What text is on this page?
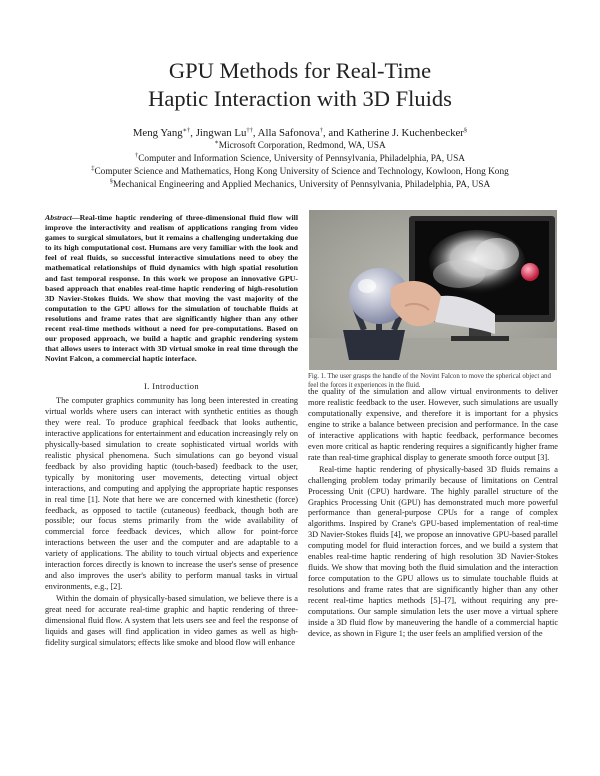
GPU Methods for Real-Time
Haptic Interaction with 3D Fluids
Meng Yang∗†, Jingwan Lu††, Alla Safonova†, and Katherine J. Kuchenbecker§
∗Microsoft Corporation, Redmond, WA, USA
†Computer and Information Science, University of Pennsylvania, Philadelphia, PA, USA
‡Computer Science and Mathematics, Hong Kong University of Science and Technology, Kowloon, Hong Kong
§Mechanical Engineering and Applied Mechanics, University of Pennsylvania, Philadelphia, PA, USA
Abstract—Real-time haptic rendering of three-dimensional fluid flow will improve the interactivity and realism of applications ranging from video games to surgical simulators, but it remains a challenging undertaking due to its high computational cost. Humans are very familiar with the look and feel of real fluids, so successful interactive simulations need to obey the mathematical relationships of fluid dynamics with high spatial resolution and fast temporal response. In this work we propose an innovative GPU-based approach that enables real-time haptic rendering of high-resolution 3D Navier-Stokes fluids. We show that moving the vast majority of the computation to the GPU allows for the simulation of touchable fluids at resolutions and frame rates that are significantly higher than any other recent real-time methods without a need for pre-computations. Based on our proposed approach, we build a haptic and graphic rendering system that allows users to interact with 3D virtual smoke in real time through the Novint Falcon, a commercial haptic interface.
I. Introduction

The computer graphics community has long been interested in creating virtual worlds where users can interact with synthetic entities as though they were real. To produce graphical feedback that looks authentic, interactive applications for entertainment and education increasingly rely on physically-based simulation to create sophisticated virtual worlds with realistic physical phenomena. Such simulations can go beyond visual feedback by also providing haptic (touch-based) feedback to the user, typically by monitoring user movements, detecting virtual object interactions, and computing and applying the appropriate haptic responses in real time [1]. Note that here we are concerned with kinesthetic (force) feedback, as opposed to tactile (cutaneous) feedback, though both are possible; our focus stems primarily from the wide availability of commercial force feedback devices, which allow for point-force interactions between the user and the computer and are adaptable to a variety of applications. The ability to touch virtual objects and experience interaction forces directly is known to increase the user's sense of presence and also improves the user's ability to perform manual tasks in virtual environments, e.g., [2].

Within the domain of physically-based simulation, we believe there is a great need for accurate real-time graphic and haptic rendering of three-dimensional fluid flow. A system that lets users see and feel the response of liquids and gases will find application in video games as well as high-fidelity surgical simulators; effects like smoke and blood flow will enhance

Fig. 1. The user grasps the handle of the Novint Falcon to move the spherical object and feel the forces it experiences in the fluid.

the quality of the simulation and allow virtual environments to deliver more realistic feedback to the user. However, such simulations are usually computationally expensive, and therefore it is important for a physics engine to strike a balance between precision and performance. In the case of interactive applications with haptic feedback, performance becomes even more critical as haptic rendering requires a significantly higher frame rate than real-time graphical display to generate smooth force output [3].

Real-time haptic rendering of physically-based 3D fluids remains a challenging problem today primarily because of limitations on Central Processing Unit (CPU) hardware. The highly parallel structure of the Graphics Processing Unit (GPU) has demonstrated much more powerful performance than general-purpose CPUs for a range of complex algorithms. Inspired by Crane's GPU-based implementation of real-time 3D Navier-Stokes fluids [4], we propose an innovative GPU-based parallel computing model for fluid interaction forces, and we build a system that enables real-time haptic rendering of high resolution 3D Navier-Stokes fluids. We show that moving both the fluid simulation and the interaction force computation to the GPU allows us to simulate touchable fluids at resolutions and frame rates that are significantly higher than any other recent real-time haptics methods [5]–[7], without requiring any pre-computations. Our sample simulation lets the user move a virtual sphere inside a 3D fluid flow by maneuvering the handle of a commercial haptic device, as shown in Figure 1; the user feels an amplified version of the
